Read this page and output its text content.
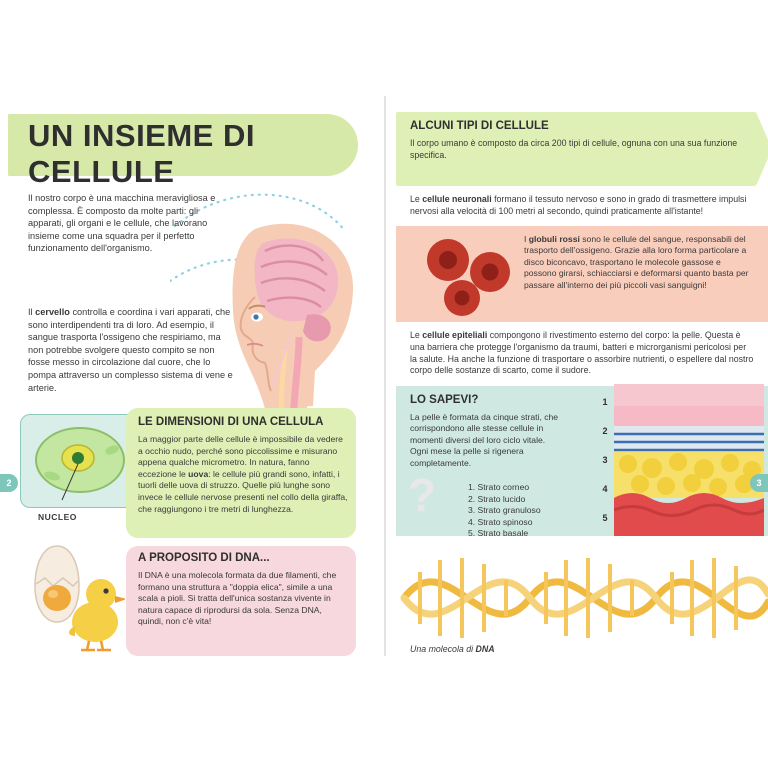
UN INSIEME DI CELLULE
Il nostro corpo è una macchina meravigliosa e complessa. È composto da molte parti: gli apparati, gli organi e le cellule, che lavorano insieme come una squadra per il perfetto funzionamento dell'organismo.
Il cervello controlla e coordina i vari apparati, che sono interdipendenti tra di loro. Ad esempio, il sangue trasporta l'ossigeno che respiriamo, ma non potrebbe svolgere questo compito se non fosse messo in circolazione dal cuore, che lo pompa attraverso un complesso sistema di vene e arterie.
NUCLEO
LE DIMENSIONI DI UNA CELLULA
La maggior parte delle cellule è impossibile da vedere a occhio nudo, perché sono piccolissime e misurano appena qualche micrometro. In natura, fanno eccezione le uova: le cellule più grandi sono, infatti, i tuorli delle uova di struzzo. Quelle più lunghe sono invece le cellule nervose presenti nel collo della giraffa, che raggiungono i tre metri di lunghezza.
A PROPOSITO DI DNA...
Il DNA è una molecola formata da due filamenti, che formano una struttura a "doppia elica", simile a una scala a pioli. Si tratta dell'unica sostanza vivente in natura capace di riprodursi da sola. Senza DNA, quindi, non c'è vita!
2
ALCUNI TIPI DI CELLULE
Il corpo umano è composto da circa 200 tipi di cellule, ognuna con una sua funzione specifica.
Le cellule neuronali formano il tessuto nervoso e sono in grado di trasmettere impulsi nervosi alla velocità di 100 metri al secondo, quindi praticamente all'istante!
I globuli rossi sono le cellule del sangue, responsabili del trasporto dell'ossigeno. Grazie alla loro forma particolare a disco biconcavo, trasportano le molecole gassose e possono girarsi, schiacciarsi e deformarsi quanto basta per passare all'interno dei più piccoli vasi sanguigni!
Le cellule epiteliali compongono il rivestimento esterno del corpo: la pelle. Questa è una barriera che protegge l'organismo da traumi, batteri e microrganismi pericolosi per la salute. Ha anche la funzione di trasportare o assorbire nutrienti, o espellere dal nostro corpo delle sostanze di scarto, come il sudore.
LO SAPEVI?
La pelle è formata da cinque strati, che corrispondono alle stesse cellule in momenti diversi del loro ciclo vitale. Ogni mese la pelle si rigenera completamente.
?	1. Strato corneo
2. Strato lucido
3. Strato granuloso
4. Strato spinoso
5. Strato basale
1
2
3
4
5
Una molecola di DNA
3
